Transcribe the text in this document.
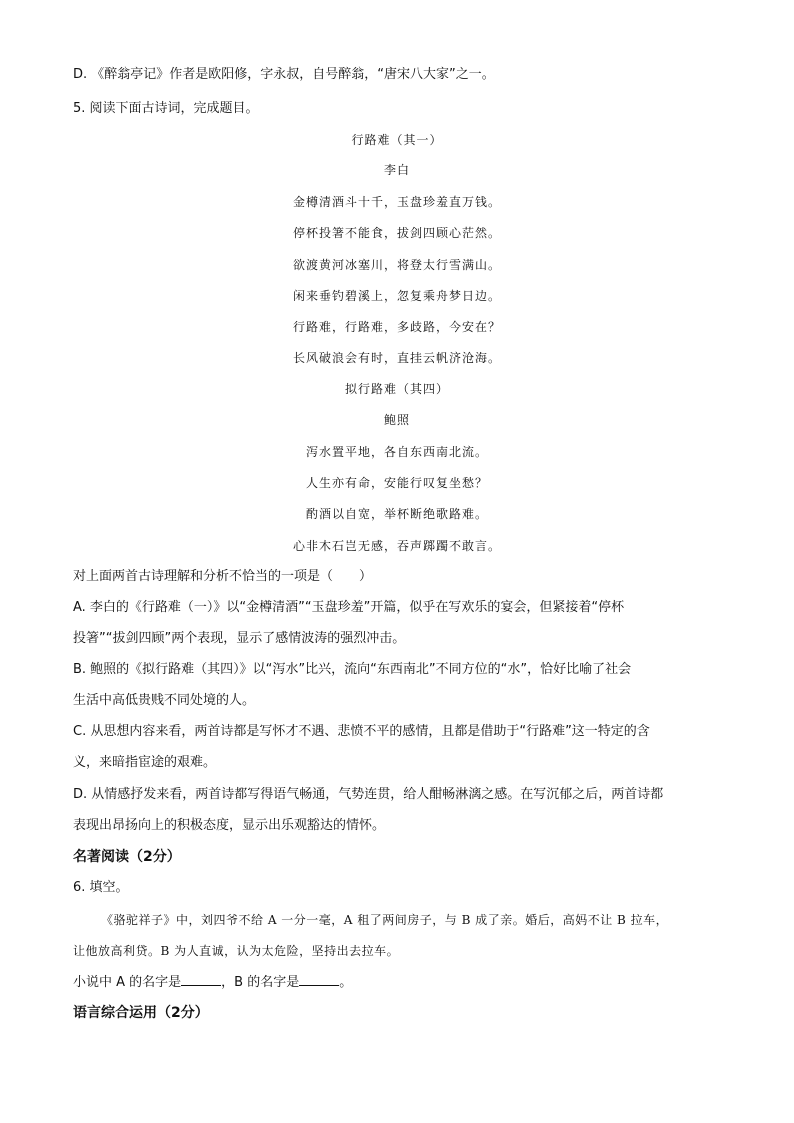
D. 《醉翁亭记》作者是欧阳修，字永叔，自号醉翁，“唐宋八大家”之一。
5. 阅读下面古诗词，完成题目。
行路难（其一）
李白
金樽清酒斗十千，玉盘珍羞直万钱。
停杯投箸不能食，拔剑四顾心茫然。
欲渡黄河冰塞川，将登太行雪满山。
闲来垂钓碧溪上，忽复乘舟梦日边。
行路难，行路难，多歧路，今安在？
长风破浪会有时，直挂云帆济沧海。
拟行路难（其四）
鲍照
泻水置平地，各自东西南北流。
人生亦有命，安能行叹复坐愁？
酌酒以自宽，举杯断绝歌路难。
心非木石岂无感，吞声踯躅不敢言。
对上面两首古诗理解和分析不恰当的一项是（　　）
A. 李白的《行路难（一）》以“金樽清酒”“玉盘珍羞”开篇，似乎在写欢乐的宴会，但紧接着“停杯
投箸”“拔剑四顾”两个表现，显示了感情波涛的强烈冲击。
B. 鲍照的《拟行路难（其四）》以“泻水”比兴，流向“东西南北”不同方位的“水”，恰好比喻了社会
生活中高低贵贱不同处境的人。
C. 从思想内容来看，两首诗都是写怀才不遇、悲愤不平的感情，且都是借助于“行路难”这一特定的含
义，来暗指宦途的艰难。
D. 从情感抒发来看，两首诗都写得语气畅通，气势连贯，给人酣畅淋漓之感。在写沉郁之后，两首诗都
表现出昂扬向上的积极态度，显示出乐观豁达的情怀。
名著阅读（2分）
6. 填空。
《骆驼祥子》中，刘四爷不给 A 一分一毫，A 租了两间房子，与 B 成了亲。婚后，高妈不让 B 拉车，
让他放高利贷。B 为人直诚，认为太危险，坚持出去拉车。
小说中 A 的名字是	，B 的名字是	。
语言综合运用（2分）
